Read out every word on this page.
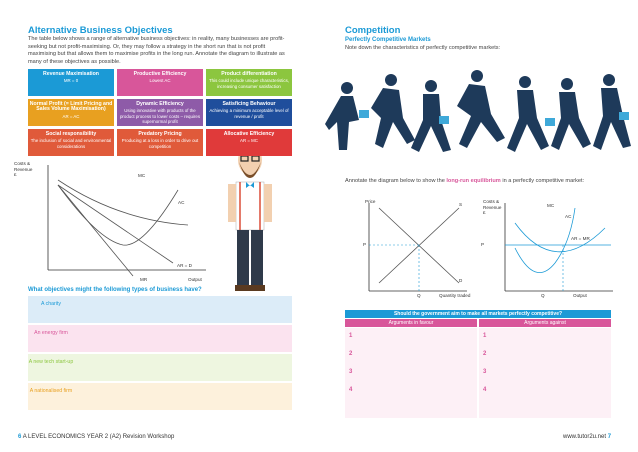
Alternative Business Objectives
The table below shows a range of alternative business objectives: in reality, many businesses are profit-seeking but not profit-maximising. Or, they may follow a strategy in the short run that is not profit maximising but that allows them to maximise profits in the long run. Annotate the diagram to illustrate as many of these objectives as possible.
Costs & Revenue £	MC
AC
AR = D
MR	Output
What objectives might the following types of business have?
6 A LEVEL ECONOMICS YEAR 2 (A2) Revision Workshop
Revenue Maximisation
MR = 0
Productive Efficiency
Lowest AC
Product differentiation
This could include unique characteristics, increasing consumer satisfaction
Normal Profit (= Limit Pricing and Sales Volume Maximisation)
AR = AC
Dynamic Efficiency
Using innovative with products of the product process to lower costs – requires supernormal profit
Satisficing Behaviour
Achieving a minimum acceptable level of revenue / profit
Social responsibility
The inclusion of social and environmental considerations
Predatory Pricing
Producing at a loss in order to drive out competition
Allocative Efficiency
AR = MC
A charity
An energy firm
A new tech start-up
A nationalised firm
Competition
Perfectly Competitive Markets
Note down the characteristics of perfectly competitive markets:
Annotate the diagram below to show the long-run equilibrium in a perfectly competitive market:
Price
S
D
P
Q	Quantity traded
Costs & Revenue £
MC
AC
AR = MR
P
Q	Output
Should the government aim to make all markets perfectly competitive?
Arguments in favour	Arguments against
www.tutor2u.net 7
1	1
2	2
3	3
4	4
